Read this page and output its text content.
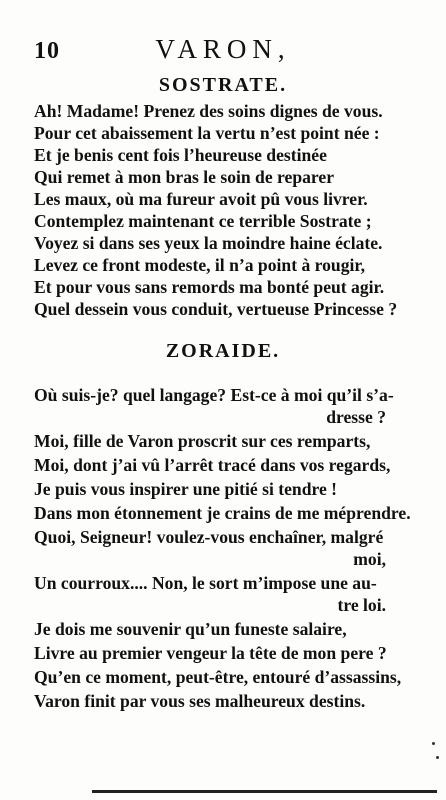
10	VARON,
SOSTRATE.
Ah! Madame! Prenez des soins dignes de vous.
Pour cet abaissement la vertu n’est point née :
Et je benis cent fois l’heureuse destinée
Qui remet à mon bras le soin de reparer
Les maux, où ma fureur avoit pû vous livrer.
Contemplez maintenant ce terrible Sostrate ;
Voyez si dans ses yeux la moindre haine éclate.
Levez ce front modeste, il n’a point à rougir,
Et pour vous sans remords ma bonté peut agir.
Quel dessein vous conduit, vertueuse Princesse ?
ZORAIDE.
Où suis-je? quel langage? Est-ce à moi qu’il s’a-
dresse ?
Moi, fille de Varon proscrit sur ces remparts,
Moi, dont j’ai vû l’arrêt tracé dans vos regards,
Je puis vous inspirer une pitié si tendre !
Dans mon étonnement je crains de me méprendre.
Quoi, Seigneur! voulez-vous enchaîner, malgré
moi,
Un courroux.... Non, le sort m’impose une au-
tre loi.
Je dois me souvenir qu’un funeste salaire,
Livre au premier vengeur la tête de mon pere ?
Qu’en ce moment, peut-être, entouré d’assassins,
Varon finit par vous ses malheureux destins.
